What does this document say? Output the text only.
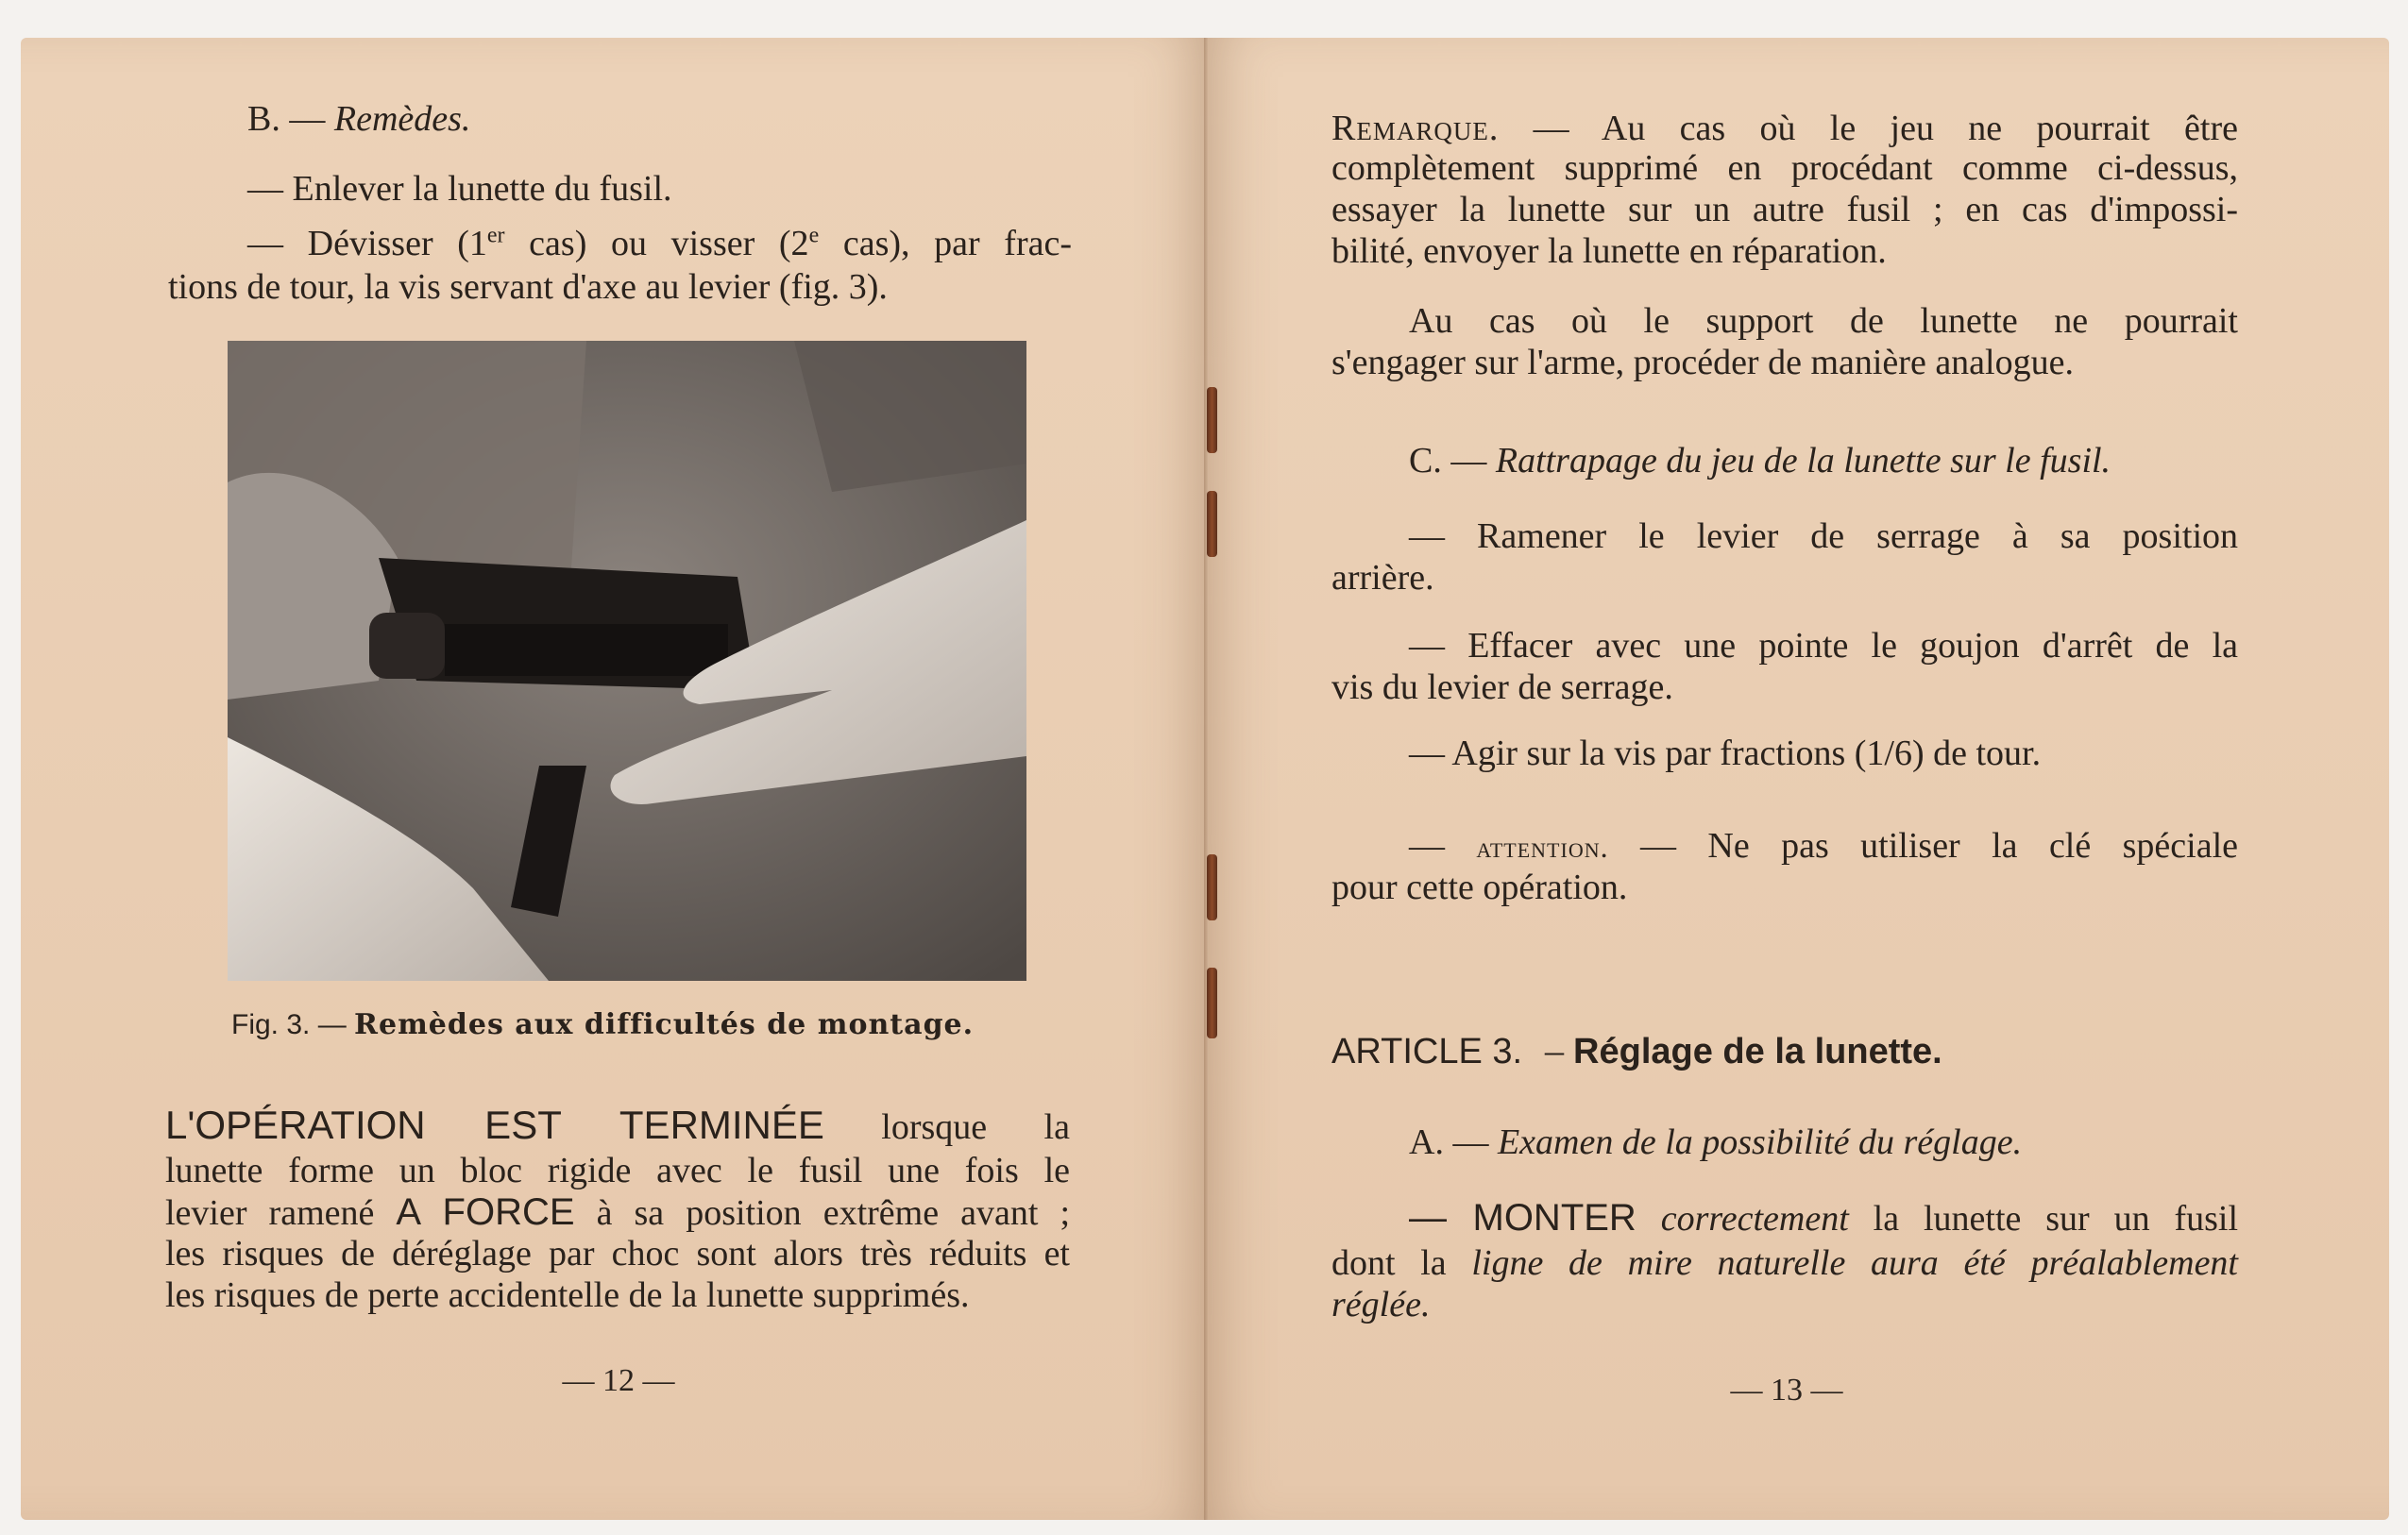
B. — Remèdes.

— Enlever la lunette du fusil.

— Dévisser (1er cas) ou visser (2e cas), par frac-

tions de tour, la vis servant d'axe au levier (fig. 3).

Fig. 3. — Remèdes aux difficultés de montage.

L'OPÉRATION EST TERMINÉE lorsque la

lunette forme un bloc rigide avec le fusil une fois le

levier ramené A FORCE à sa position extrême avant ;

les risques de déréglage par choc sont alors très réduits et

les risques de perte accidentelle de la lunette supprimés.

— 12 —

Remarque. — Au cas où le jeu ne pourrait être

complètement supprimé en procédant comme ci-dessus,

essayer la lunette sur un autre fusil ; en cas d'impossi-

bilité, envoyer la lunette en réparation.

Au cas où le support de lunette ne pourrait

s'engager sur l'arme, procéder de manière analogue.

C. — Rattrapage du jeu de la lunette sur le fusil.

— Ramener le levier de serrage à sa position

arrière.

— Effacer avec une pointe le goujon d'arrêt de la

vis du levier de serrage.

— Agir sur la vis par fractions (1/6) de tour.

— attention. — Ne pas utiliser la clé spéciale

pour cette opération.

ARTICLE 3. – Réglage de la lunette.

A. — Examen de la possibilité du réglage.

— MONTER correctement la lunette sur un fusil

dont la ligne de mire naturelle aura été préalablement

réglée.

— 13 —
